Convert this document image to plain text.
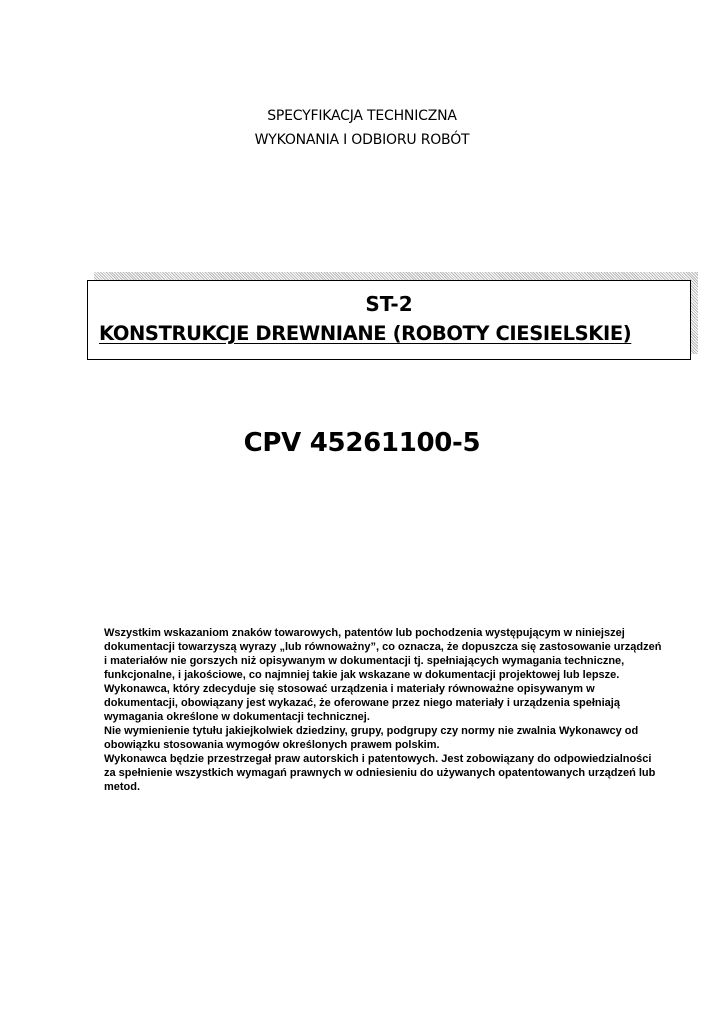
SPECYFIKACJA TECHNICZNA
WYKONANIA I ODBIORU ROBÓT
ST-2
KONSTRUKCJE DREWNIANE (ROBOTY CIESIELSKIE)
CPV 45261100-5

Wszystkim wskazaniom znaków towarowych, patentów lub pochodzenia występującym w niniejszej dokumentacji towarzyszą wyrazy „lub równoważny”, co oznacza, że dopuszcza się zastosowanie urządzeń i materiałów nie gorszych niż opisywanym w dokumentacji tj. spełniających wymagania techniczne, funkcjonalne, i jakościowe, co najmniej takie jak wskazane w dokumentacji projektowej lub lepsze. Wykonawca, który zdecyduje się stosować urządzenia i materiały równoważne opisywanym w dokumentacji, obowiązany jest wykazać, że oferowane przez niego materiały i urządzenia spełniają wymagania określone w dokumentacji technicznej.

Nie wymienienie tytułu jakiejkolwiek dziedziny, grupy, podgrupy czy normy nie zwalnia Wykonawcy od obowiązku stosowania wymogów określonych prawem polskim.

Wykonawca będzie przestrzegał praw autorskich i patentowych. Jest zobowiązany do odpowiedzialności za spełnienie wszystkich wymagań prawnych w odniesieniu do używanych opatentowanych urządzeń lub metod.
